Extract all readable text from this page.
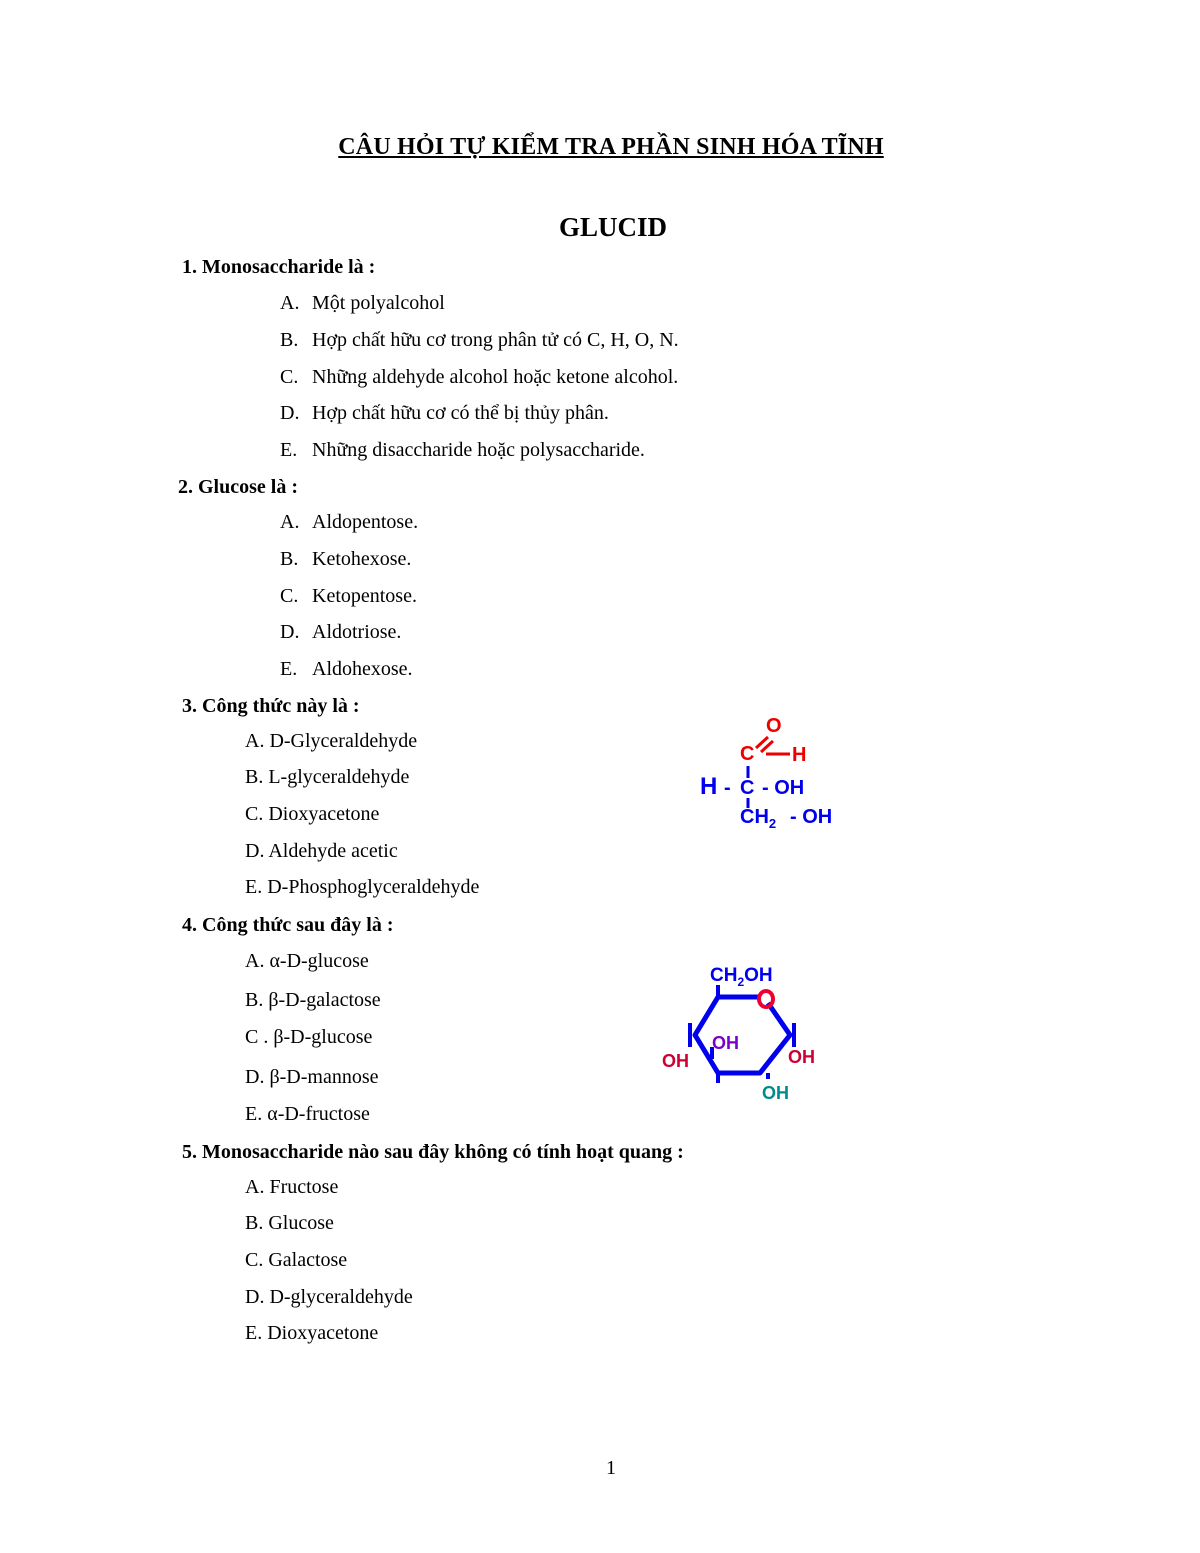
CÂU HỎI TỰ KIỂM TRA PHẦN SINH HÓA TĨNH
GLUCID
1. Monosaccharide là :
A. Một polyalcohol
B. Hợp chất hữu cơ trong phân tử có C, H, O, N.
C. Những aldehyde alcohol hoặc ketone alcohol.
D. Hợp chất hữu cơ có thể bị thủy phân.
E. Những disaccharide hoặc polysaccharide.
2. Glucose là :
A. Aldopentose.
B. Ketohexose.
C. Ketopentose.
D. Aldotriose.
E. Aldohexose.
3. Công thức này là :
A. D-Glyceraldehyde
B. L-glyceraldehyde
C. Dioxyacetone
D. Aldehyde acetic
E. D-Phosphoglyceraldehyde
O
C H
H - C - OH
$CH_2$ - OH
4. Công thức sau đây là :
A. α-D-glucose
B. β-D-galactose
C . β-D-glucose
D. β-D-mannose
E. α-D-fructose
$CH_2OH$
OH
OH	OH
OH
5. Monosaccharide nào sau đây không có tính hoạt quang :
A. Fructose
B. Glucose
C. Galactose
D. D-glyceraldehyde
E. Dioxyacetone
1
